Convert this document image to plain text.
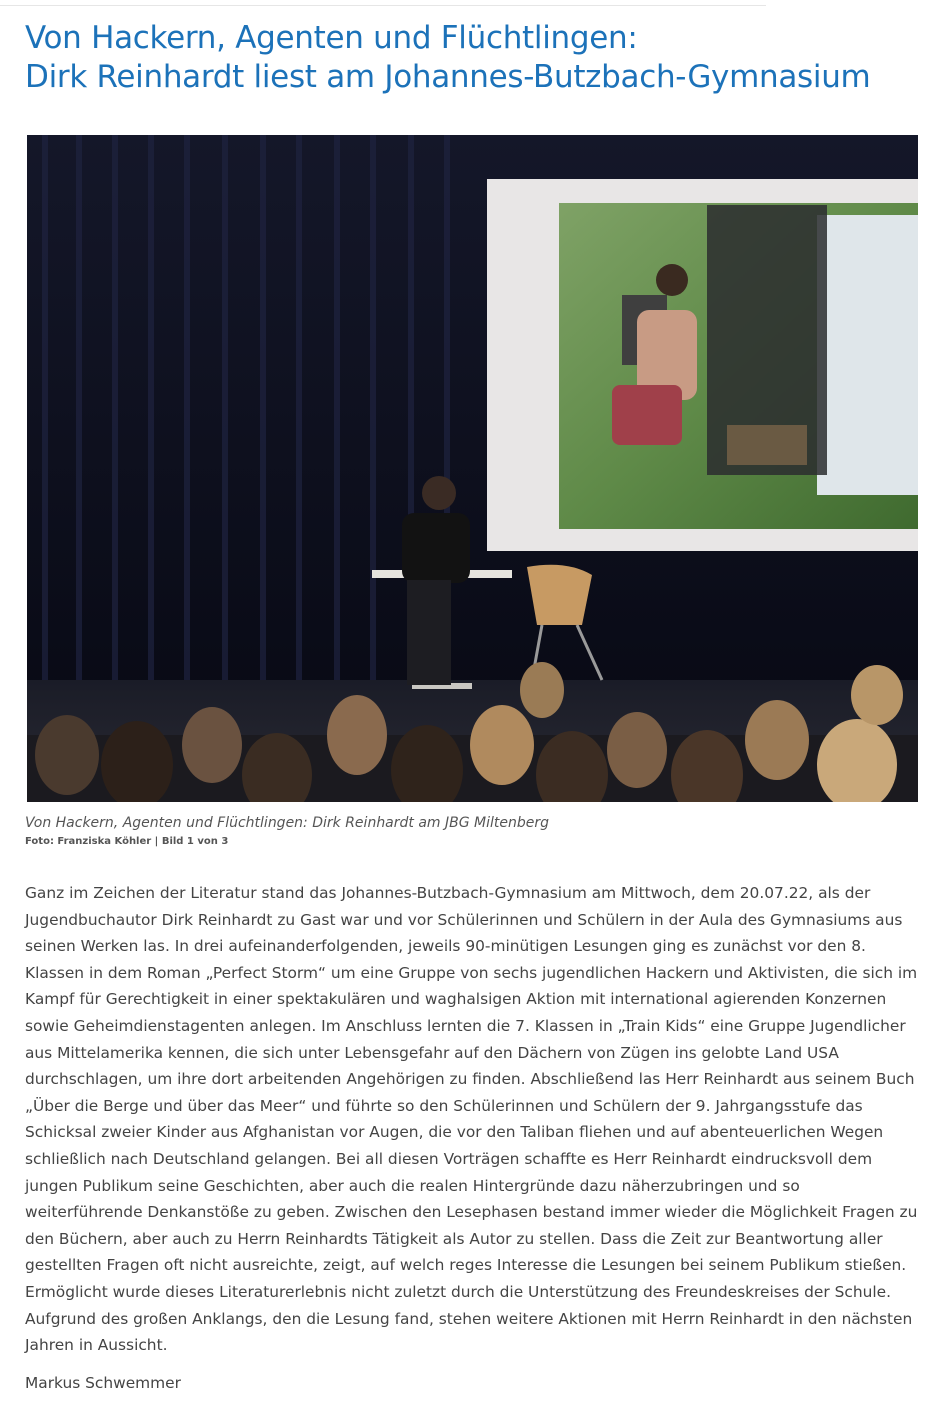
Von Hackern, Agenten und Flüchtlingen:
Dirk Reinhardt liest am Johannes-Butzbach-Gymnasium
Von Hackern, Agenten und Flüchtlingen: Dirk Reinhardt am JBG Miltenberg
Foto: Franziska Köhler | Bild 1 von 3
Ganz im Zeichen der Literatur stand das Johannes-Butzbach-Gymnasium am Mittwoch, dem 20.07.22, als der
Jugendbuchautor Dirk Reinhardt zu Gast war und vor Schülerinnen und Schülern in der Aula des Gymnasiums aus
seinen Werken las. In drei aufeinanderfolgenden, jeweils 90-minütigen Lesungen ging es zunächst vor den 8.
Klassen in dem Roman „Perfect Storm“ um eine Gruppe von sechs jugendlichen Hackern und Aktivisten, die sich im
Kampf für Gerechtigkeit in einer spektakulären und waghalsigen Aktion mit international agierenden Konzernen
sowie Geheimdienstagenten anlegen. Im Anschluss lernten die 7. Klassen in „Train Kids“ eine Gruppe Jugendlicher
aus Mittelamerika kennen, die sich unter Lebensgefahr auf den Dächern von Zügen ins gelobte Land USA
durchschlagen, um ihre dort arbeitenden Angehörigen zu finden. Abschließend las Herr Reinhardt aus seinem Buch
„Über die Berge und über das Meer“ und führte so den Schülerinnen und Schülern der 9. Jahrgangsstufe das
Schicksal zweier Kinder aus Afghanistan vor Augen, die vor den Taliban fliehen und auf abenteuerlichen Wegen
schließlich nach Deutschland gelangen. Bei all diesen Vorträgen schaffte es Herr Reinhardt eindrucksvoll dem
jungen Publikum seine Geschichten, aber auch die realen Hintergründe dazu näherzubringen und so
weiterführende Denkanstöße zu geben. Zwischen den Lesephasen bestand immer wieder die Möglichkeit Fragen zu
den Büchern, aber auch zu Herrn Reinhardts Tätigkeit als Autor zu stellen. Dass die Zeit zur Beantwortung aller
gestellten Fragen oft nicht ausreichte, zeigt, auf welch reges Interesse die Lesungen bei seinem Publikum stießen.
Ermöglicht wurde dieses Literaturerlebnis nicht zuletzt durch die Unterstützung des Freundeskreises der Schule.
Aufgrund des großen Anklangs, den die Lesung fand, stehen weitere Aktionen mit Herrn Reinhardt in den nächsten
Jahren in Aussicht.

Markus Schwemmer
